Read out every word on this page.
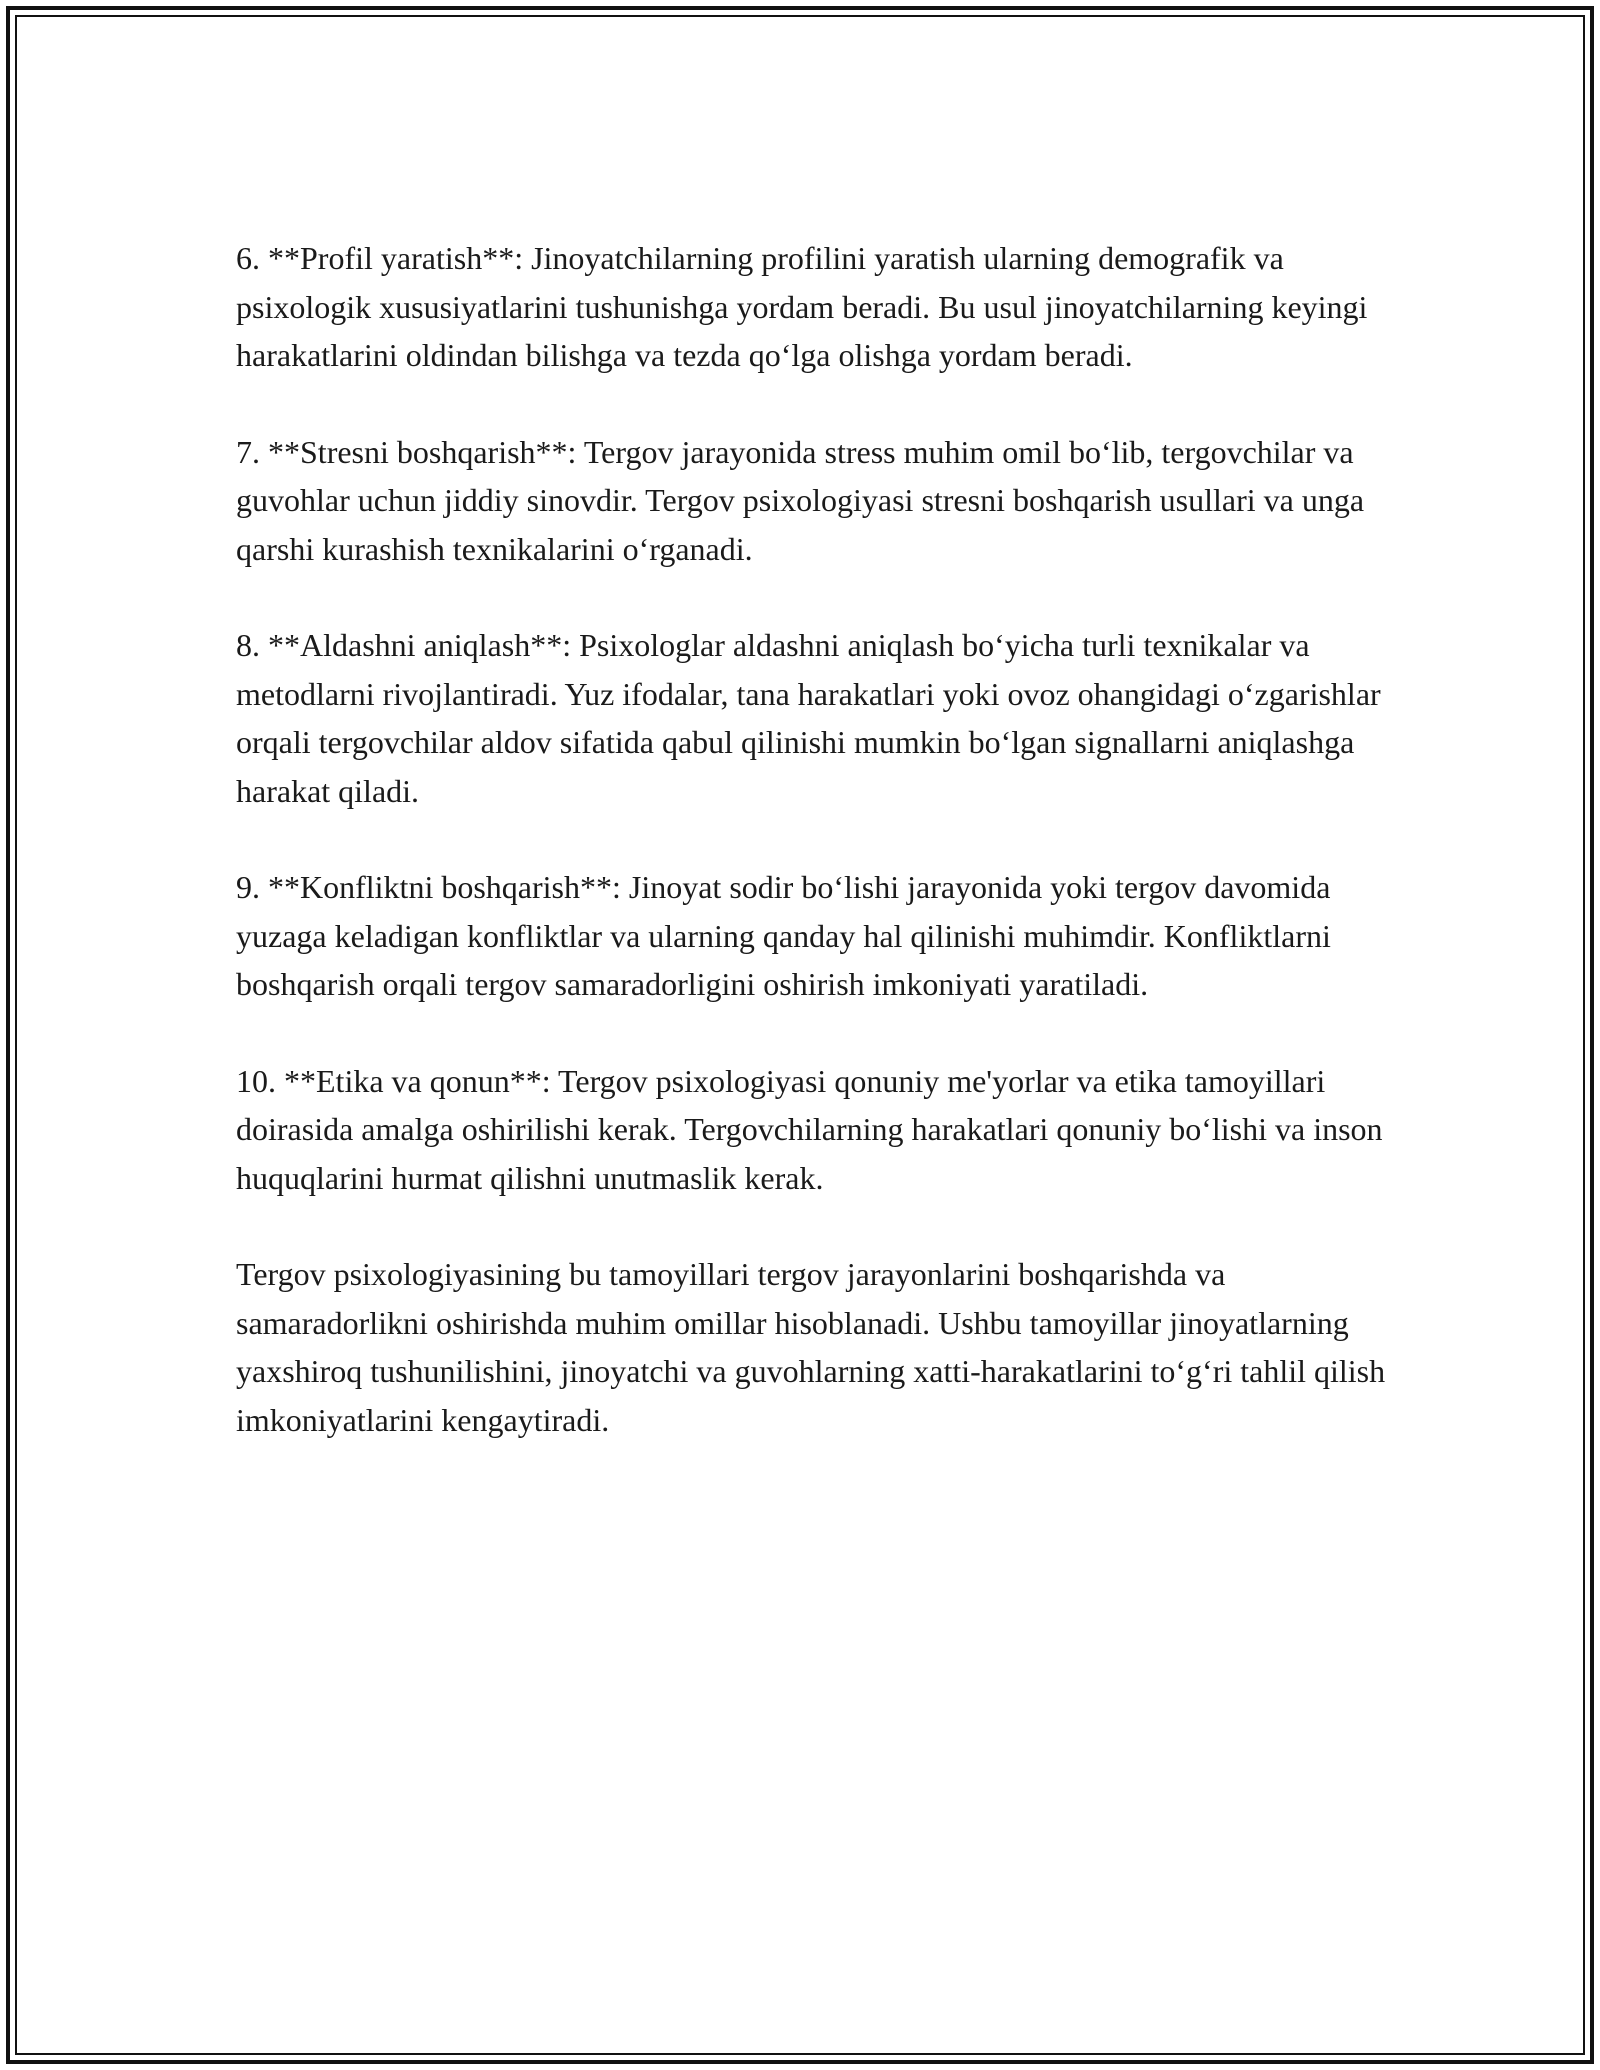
6. **Profil yaratish**: Jinoyatchilarning profilini yaratish ularning demografik va psixologik xususiyatlarini tushunishga yordam beradi. Bu usul jinoyatchilarning keyingi harakatlarini oldindan bilishga va tezda qo‘lga olishga yordam beradi.

7. **Stresni boshqarish**: Tergov jarayonida stress muhim omil bo‘lib, tergovchilar va guvohlar uchun jiddiy sinovdir. Tergov psixologiyasi stresni boshqarish usullari va unga qarshi kurashish texnikalarini o‘rganadi.

8. **Aldashni aniqlash**: Psixologlar aldashni aniqlash bo‘yicha turli texnikalar va metodlarni rivojlantiradi. Yuz ifodalar, tana harakatlari yoki ovoz ohangidagi o‘zgarishlar orqali tergovchilar aldov sifatida qabul qilinishi mumkin bo‘lgan signallarni aniqlashga harakat qiladi.

9. **Konfliktni boshqarish**: Jinoyat sodir bo‘lishi jarayonida yoki tergov davomida yuzaga keladigan konfliktlar va ularning qanday hal qilinishi muhimdir. Konfliktlarni boshqarish orqali tergov samaradorligini oshirish imkoniyati yaratiladi.

10. **Etika va qonun**: Tergov psixologiyasi qonuniy me'yorlar va etika tamoyillari doirasida amalga oshirilishi kerak. Tergovchilarning harakatlari qonuniy bo‘lishi va inson huquqlarini hurmat qilishni unutmaslik kerak.

Tergov psixologiyasining bu tamoyillari tergov jarayonlarini boshqarishda va samaradorlikni oshirishda muhim omillar hisoblanadi. Ushbu tamoyillar jinoyatlarning yaxshiroq tushunilishini, jinoyatchi va guvohlarning xatti-harakatlarini to‘g‘ri tahlil qilish imkoniyatlarini kengaytiradi.
